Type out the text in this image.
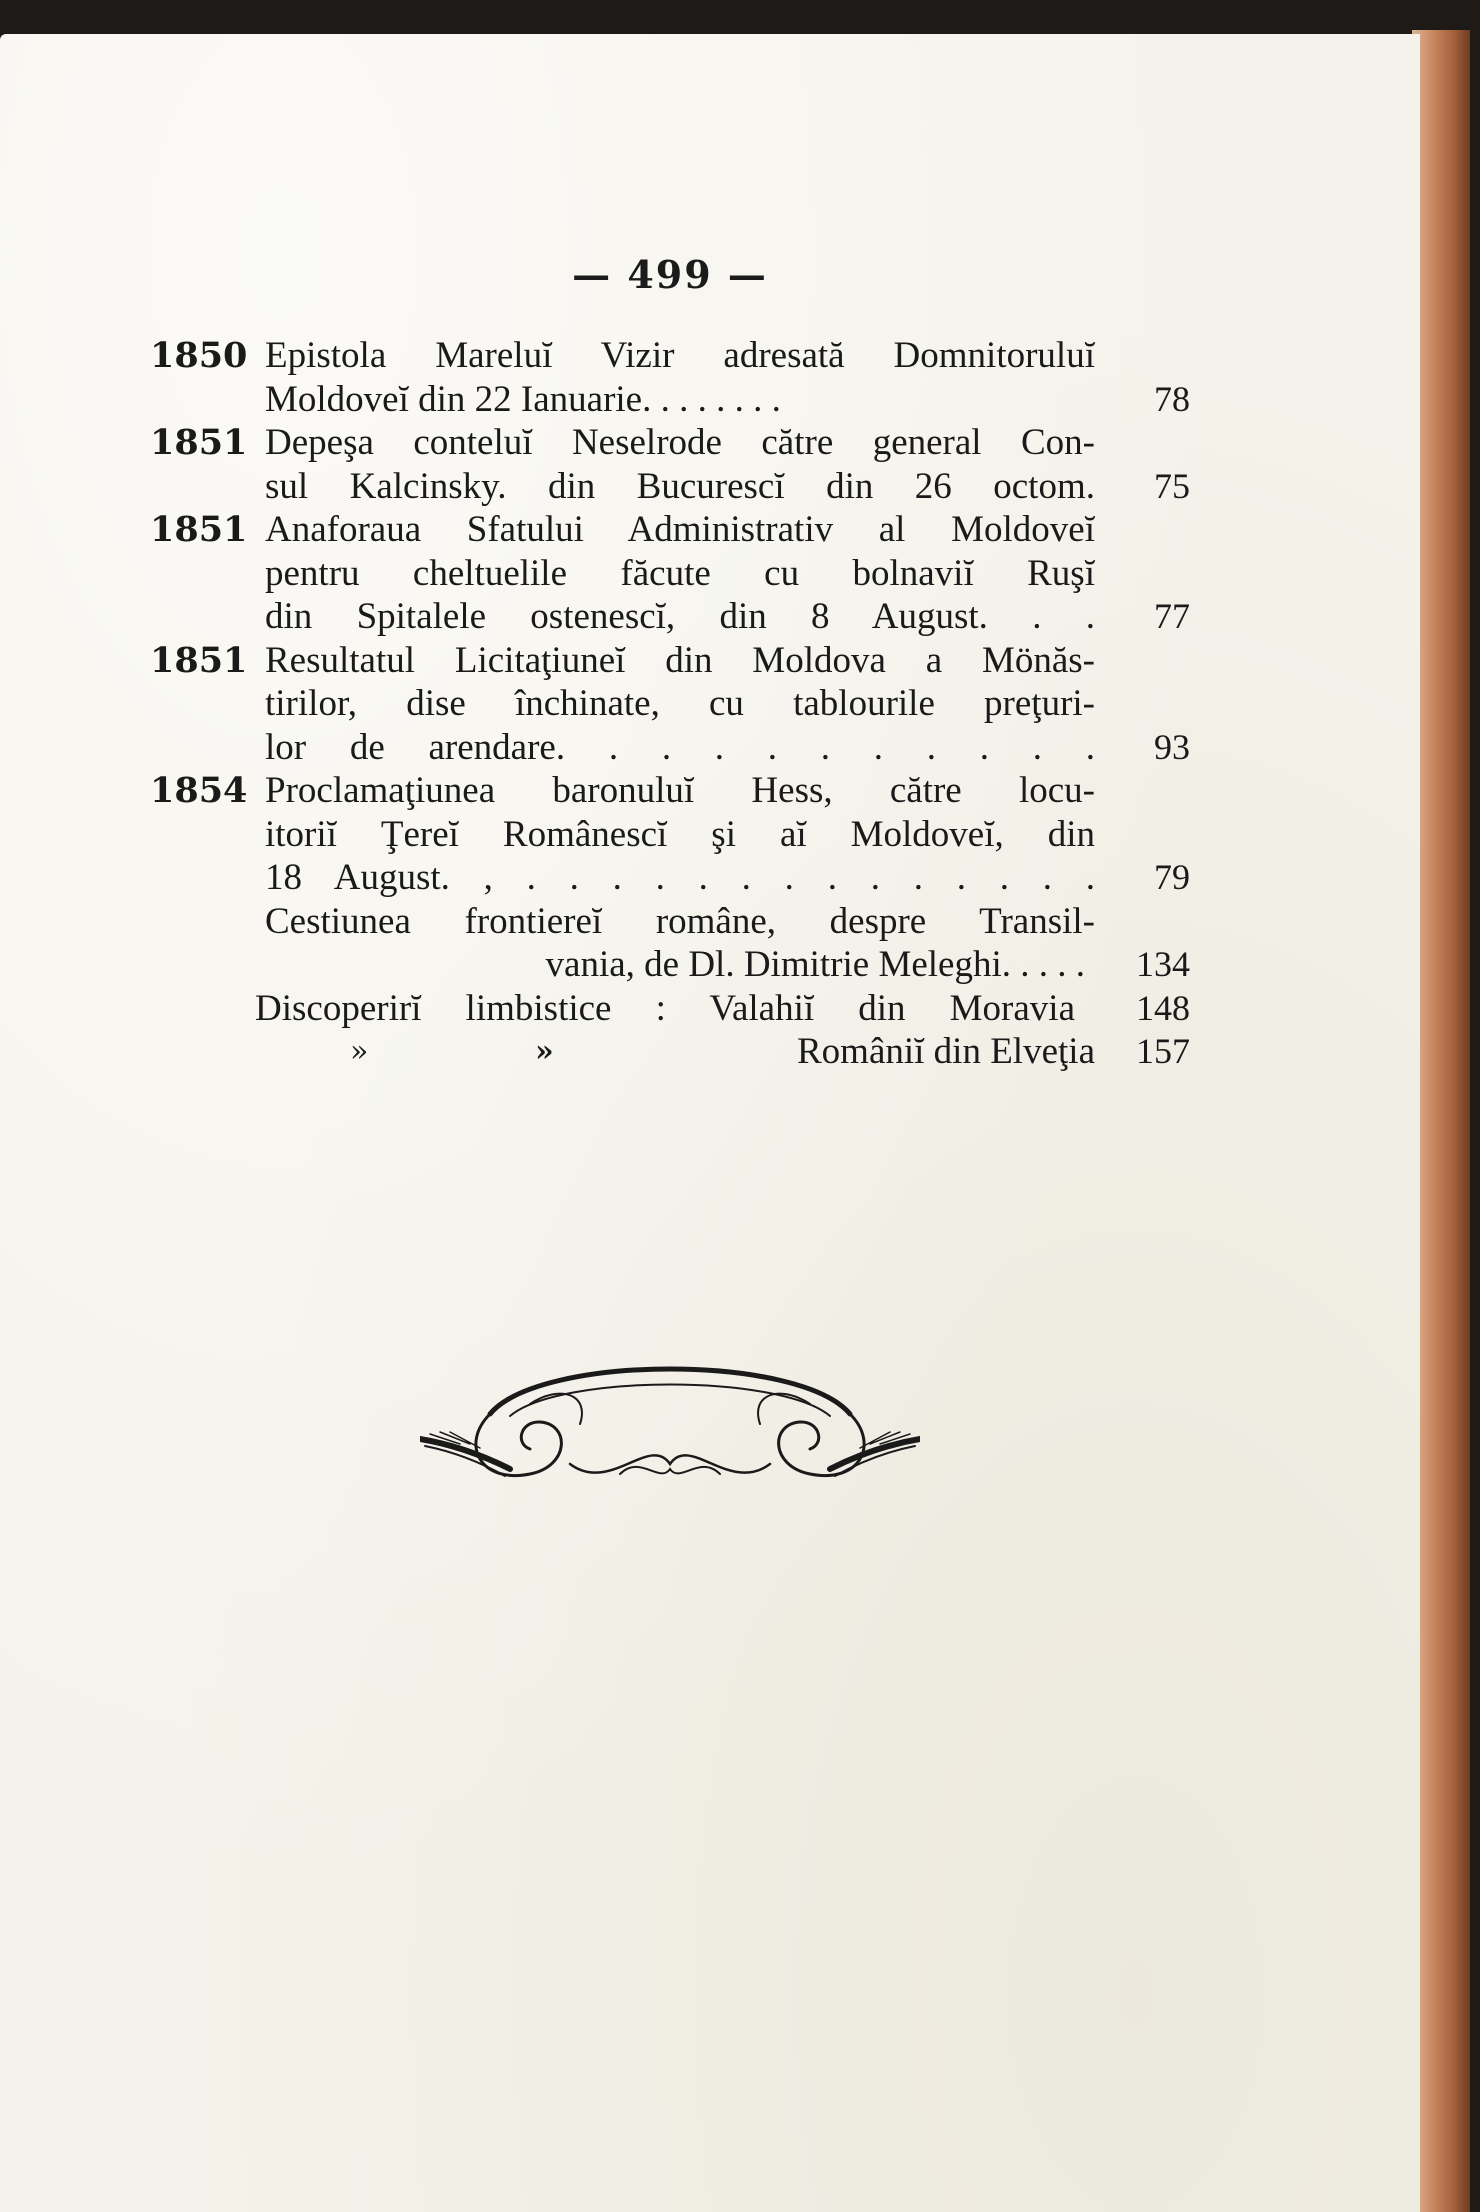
— 499 —
1850 Epistola Mareluĭ Vizir adresată Domnitoruluĭ
Moldoveĭ din 22 Ianuarie. . . . . . . .	78
1851 Depeşa conteluĭ Neselrode către general Con-
sul Kalcinsky. din Bucurescĭ din 26 octom.	75
1851 Anaforaua Sfatului Administrativ al Moldoveĭ
pentru cheltuelile făcute cu bolnaviĭ Ruşĭ
din Spitalele ostenescĭ, din 8 August. . .	77
1851 Resultatul Licitaţiuneĭ din Moldova a Mönăs-
tirilor, dise închinate, cu tablourile preţuri-
lor de arendare. . . . . . . . . . .	93
1854 Proclamaţiunea baronuluĭ Hess, către locu-
itoriĭ Ţereĭ Românescĭ şi aĭ Moldoveĭ, din
18 August. , . . . . . . . . . . . . . .	79
Cestiunea frontiereĭ române, despre Transil-
vania, de Dl. Dimitrie Meleghi. . . . .	134
Discoperirĭ limbistice : Valahiĭ din Moravia	148
»	»	Româniĭ din Elveţia	157
